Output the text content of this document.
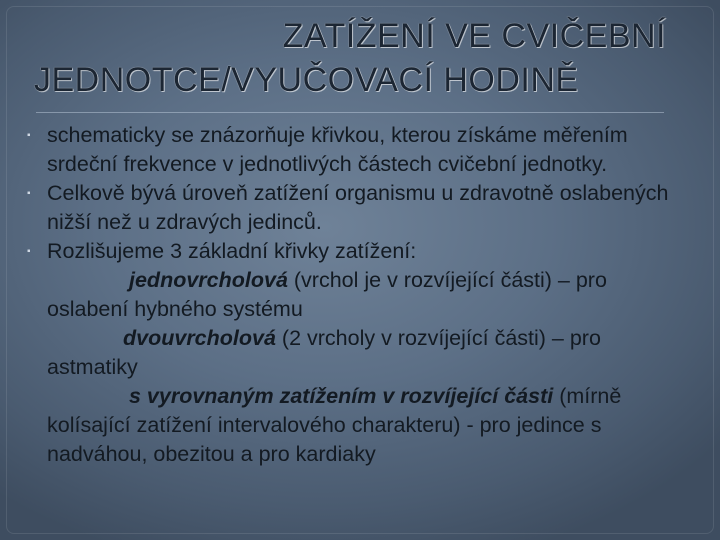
ZATÍŽENÍ VE CVIČEBNÍ
JEDNOTCE/VYUČOVACÍ HODINĚ
▪ schematicky se znázorňuje křivkou, kterou získáme měřením srdeční frekvence v jednotlivých částech cvičební jednotky.
▪ Celkově bývá úroveň zatížení organismu u zdravotně oslabených nižší než u zdravých jedinců.
▪ Rozlišujeme 3 základní křivky zatížení:
jednovrcholová (vrchol je v rozvíjející části) – pro oslabení hybného systému
dvouvrcholová (2 vrcholy v rozvíjející části) – pro astmatiky
s vyrovnaným zatížením v rozvíjející části (mírně kolísající zatížení intervalového charakteru) - pro jedince s nadváhou, obezitou a pro kardiaky
